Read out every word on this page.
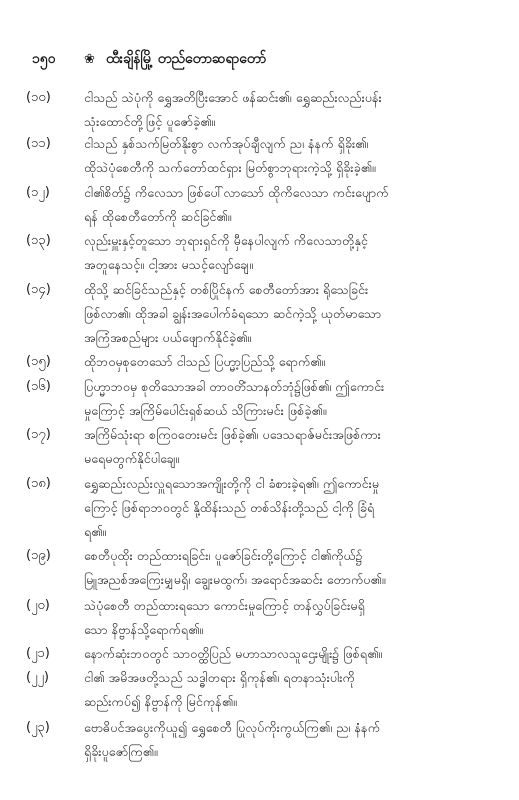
၁၅၀	❀ ထီးချိန်မြို့ တည်တောဆရာတော်
(၁၀)	ငါသည် သဲပုံကို ရွှေအတိပြီးအောင် ဖန်ဆင်း၏၊ ရွှေဆည်းလည်းပန်း
သုံးထောင်တို့ဖြင့် ပူဇော်ခဲ့၏။
(၁၁)	ငါသည် နှစ်သက်မြတ်နိုးစွာ လက်အုပ်ချီလျက် ည၊ နံနက် ရှိခိုး၏၊
ထိုသဲပုံစေတီကို သက်တော်ထင်ရှား မြတ်စွာဘုရားကဲ့သို့ ရှိခိုးခဲ့၏။
(၁၂)	ငါ၏စိတ်၌ ကိလေသာ ဖြစ်ပေါ်လာသော် ထိုကိလေသာ ကင်းပျောက်
ရန် ထိုစေတီတော်ကို ဆင်ခြင်၏။
(၁၃)	လုည်းမှူးနှင့်တူသော ဘုရားရှင်ကို မှီနေပါလျက် ကိလေသာတို့နှင့်
အတူနေသင့်။ ငါ့အား မသင့်လျော်ချေ။
(၁၄)	ထိုသို့ ဆင်ခြင်သည်နှင့် တစ်ပြိုင်နက် စေတီတော်အား ရိုသေခြင်း
ဖြစ်လာ၏၊ ထိုအခါ ချွန်းအပေါက်ခံရသော ဆင်ကဲ့သို့ ယုတ်မာသော
အကြံအစည်များ ပယ်ဖျောက်နိုင်ခဲ့၏။
(၁၅)	ထိုဘဝမှစုတေသော် ငါသည် ပြဟ္မာ့ပြည်သို့ ရောက်၏။
(၁၆)	ပြဟ္မာဘဝမှ စုတိသောအခါ တာဝတိံသာနတ်ဘုံ၌ဖြစ်၏၊ ဤကောင်း
မှုကြောင့် အကြိမ်ပေါင်းရှစ်ဆယ် သိကြားမင်း ဖြစ်ခဲ့၏။
(၁၇)	အကြိမ်သုံးရာ စကြဝတေးမင်း ဖြစ်ခဲ့၏၊ ပဒေသရာဇ်မင်းအဖြစ်ကား
မရေမတွက်နိုင်ပါချေ။
(၁၈)	ရွှေဆည်းလည်းလှူရသောအကျိုးတို့ကို ငါ ခံစားခဲ့ရ၏၊ ဤကောင်းမှု
ကြောင့် ဖြစ်ရာဘဝတွင် နို့ထိန်းသည် တစ်သိန်းတို့သည် ငါ့ကို ခြံရံ
ရ၏။
(၁၉)	စေတီပုထိုး တည်ထားရခြင်း၊ ပူဇော်ခြင်းတို့ကြောင့် ငါ၏ကိုယ်၌
မြူအညစ်အကြေးမျှမရှိ၊ ချွေးမထွက်၊ အရောင်အဆင်း တောက်ပ၏။
(၂၀)	သဲပုံစေတီ တည်ထားရသော ကောင်းမှုကြောင့် တန်လွှပ်ခြင်းမရှိ
သော နိဗ္ဗာန်သို့ရောက်ရ၏။
(၂၁)	နောက်ဆုံးဘဝတွင် သာဝတ္ထိပြည် မဟာသာလသူဌေးမျိုး၌ ဖြစ်ရ၏။
(၂၂)	ငါ၏ အမိအဖတို့သည် သဒ္ဓါတရား ရှိကုန်၏၊ ရတနာသုံးပါးကို
ဆည်းကပ်၍ နိဗ္ဗာန်ကို မြင်ကုန်၏။
(၂၃)	ဗောဓိပင်အပွေးကိုယူ၍ ရွှေစေတီ ပြုလုပ်ကိုးကွယ်ကြ၏၊ ည၊ နံနက်
ရှိခိုးပူဇော်ကြ၏။
